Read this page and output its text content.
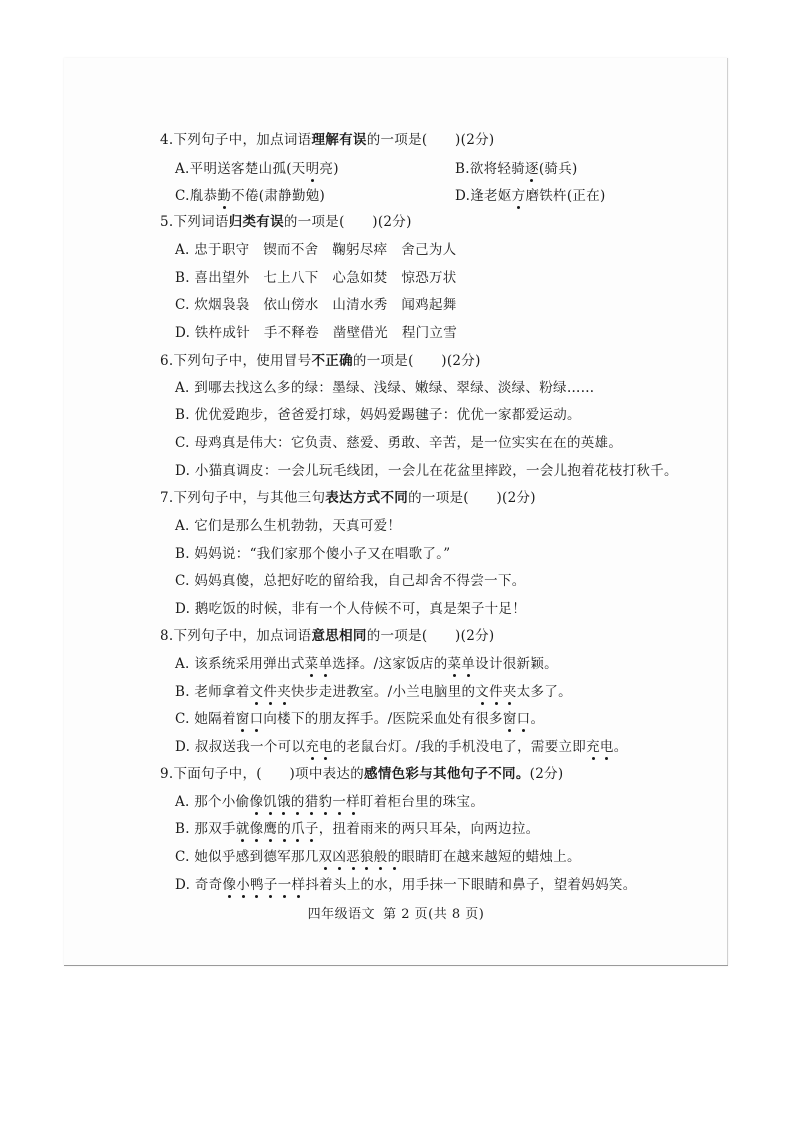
4.下列句子中，加点词语理解有误的一项是(　　)(2分)
A.平明送客楚山孤(天明亮)	B.欲将轻骑逐(骑兵)
C.胤恭勤不倦(肃静勤勉)	D.逢老妪方磨铁杵(正在)
5.下列词语归类有误的一项是(　　)(2分)
A. 忠于职守　锲而不舍　鞠躬尽瘁　舍己为人
B. 喜出望外　七上八下　心急如焚　惊恐万状
C. 炊烟袅袅　依山傍水　山清水秀　闻鸡起舞
D. 铁杵成针　手不释卷　凿壁借光　程门立雪
6.下列句子中，使用冒号不正确的一项是(　　)(2分)
A. 到哪去找这么多的绿：墨绿、浅绿、嫩绿、翠绿、淡绿、粉绿……
B. 优优爱跑步，爸爸爱打球，妈妈爱踢毽子：优优一家都爱运动。
C. 母鸡真是伟大：它负责、慈爱、勇敢、辛苦，是一位实实在在的英雄。
D. 小猫真调皮：一会儿玩毛线团，一会儿在花盆里摔跤，一会儿抱着花枝打秋千。
7.下列句子中，与其他三句表达方式不同的一项是(　　)(2分)
A. 它们是那么生机勃勃，天真可爱！
B. 妈妈说：“我们家那个傻小子又在唱歌了。”
C. 妈妈真傻，总把好吃的留给我，自己却舍不得尝一下。
D. 鹅吃饭的时候，非有一个人侍候不可，真是架子十足！
8.下列句子中，加点词语意思相同的一项是(　　)(2分)
A. 该系统采用弹出式菜单选择。/这家饭店的菜单设计很新颖。
B. 老师拿着文件夹快步走进教室。/小兰电脑里的文件夹太多了。
C. 她隔着窗口向楼下的朋友挥手。/医院采血处有很多窗口。
D. 叔叔送我一个可以充电的老鼠台灯。/我的手机没电了，需要立即充电。
9.下面句子中，(　　)项中表达的感情色彩与其他句子不同。(2分)
A. 那个小偷像饥饿的猎豹一样盯着柜台里的珠宝。
B. 那双手就像鹰的爪子，扭着雨来的两只耳朵，向两边拉。
C. 她似乎感到德军那几双凶恶狼般的眼睛盯在越来越短的蜡烛上。
D. 奇奇像小鸭子一样抖着头上的水，用手抹一下眼睛和鼻子，望着妈妈笑。
四年级语文 第 2 页(共 8 页)
